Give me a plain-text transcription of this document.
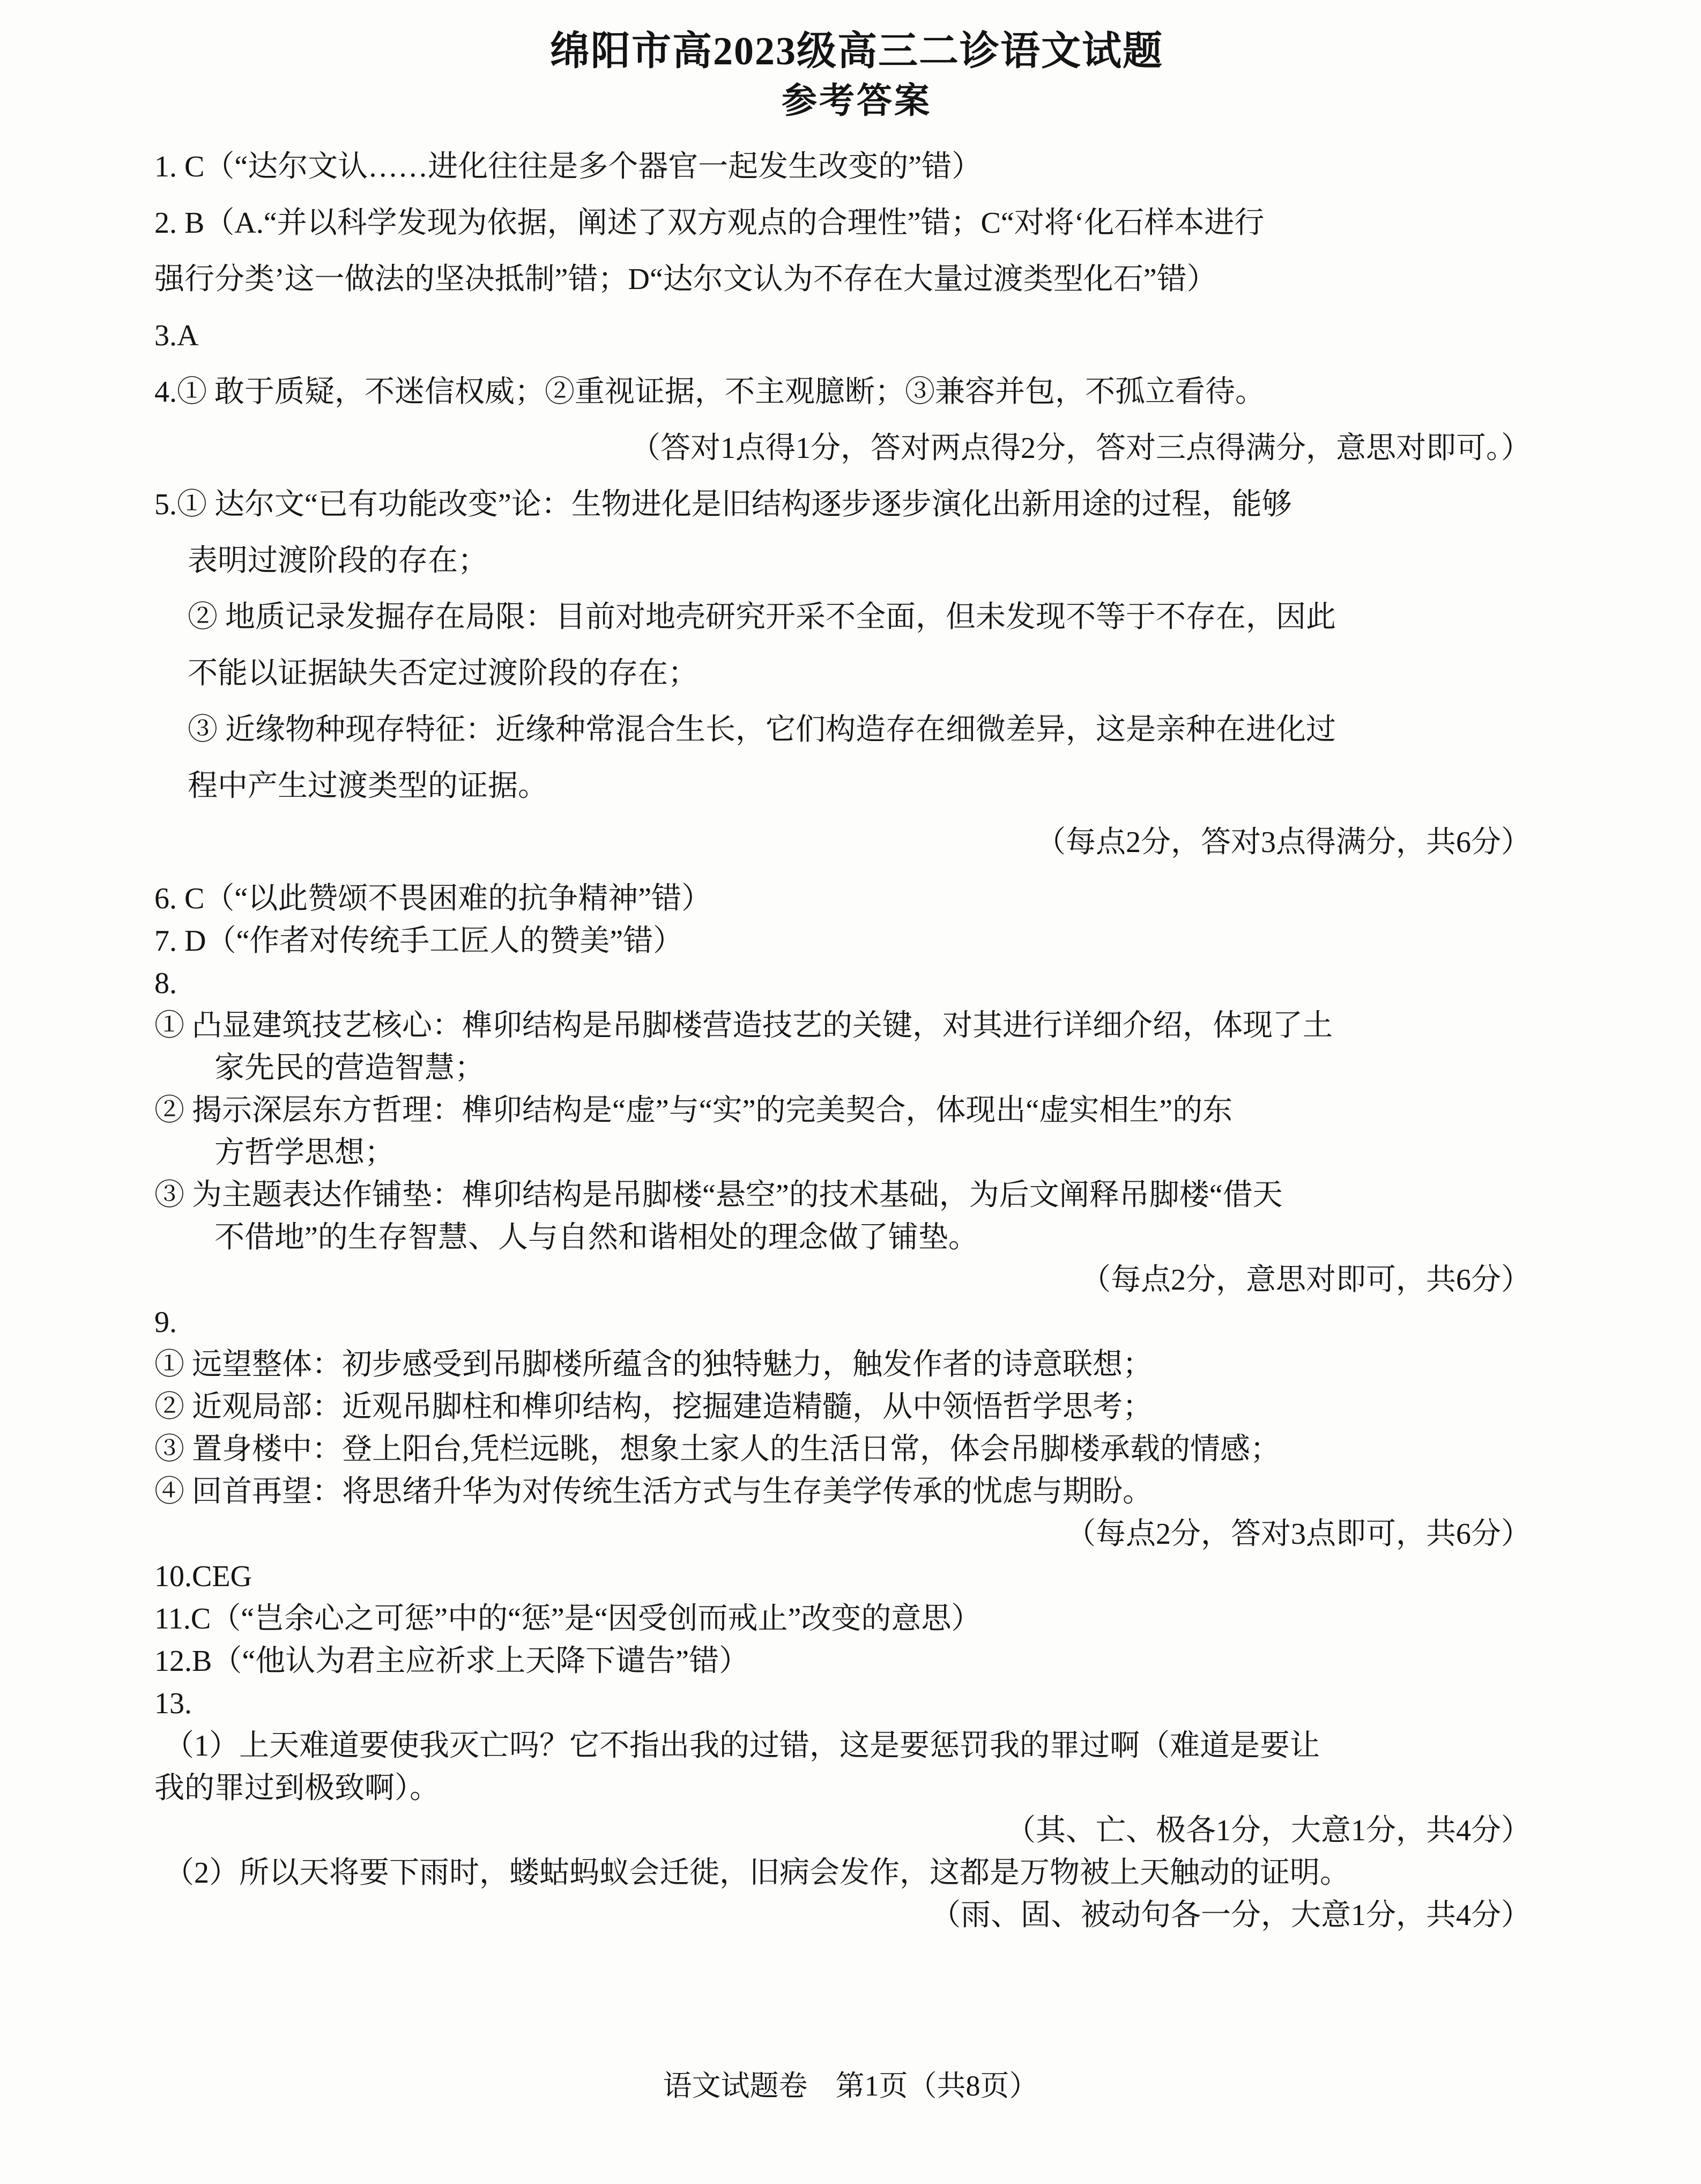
绵阳市高2023级高三二诊语文试题
参考答案
1. C（“达尔文认……进化往往是多个器官一起发生改变的”错）
2. B（A.“并以科学发现为依据，阐述了双方观点的合理性”错；C“对将‘化石样本进行
强行分类’这一做法的坚决抵制”错；D“达尔文认为不存在大量过渡类型化石”错）
3.A
4.① 敢于质疑，不迷信权威；②重视证据，不主观臆断；③兼容并包，不孤立看待。
（答对1点得1分，答对两点得2分，答对三点得满分，意思对即可。）
5.① 达尔文“已有功能改变”论：生物进化是旧结构逐步逐步演化出新用途的过程，能够
表明过渡阶段的存在；
② 地质记录发掘存在局限：目前对地壳研究开采不全面，但未发现不等于不存在，因此
不能以证据缺失否定过渡阶段的存在；
③ 近缘物种现存特征：近缘种常混合生长，它们构造存在细微差异，这是亲种在进化过
程中产生过渡类型的证据。
（每点2分，答对3点得满分，共6分）
6. C（“以此赞颂不畏困难的抗争精神”错）
7. D（“作者对传统手工匠人的赞美”错）
8.
① 凸显建筑技艺核心：榫卯结构是吊脚楼营造技艺的关键，对其进行详细介绍，体现了土
家先民的营造智慧；
② 揭示深层东方哲理：榫卯结构是“虚”与“实”的完美契合，体现出“虚实相生”的东
方哲学思想；
③ 为主题表达作铺垫：榫卯结构是吊脚楼“悬空”的技术基础，为后文阐释吊脚楼“借天
不借地”的生存智慧、人与自然和谐相处的理念做了铺垫。
（每点2分，意思对即可，共6分）
9.
① 远望整体：初步感受到吊脚楼所蕴含的独特魅力，触发作者的诗意联想；
② 近观局部：近观吊脚柱和榫卯结构，挖掘建造精髓，从中领悟哲学思考；
③ 置身楼中：登上阳台,凭栏远眺，想象土家人的生活日常，体会吊脚楼承载的情感；
④ 回首再望：将思绪升华为对传统生活方式与生存美学传承的忧虑与期盼。
（每点2分，答对3点即可，共6分）
10.CEG
11.C（“岂余心之可惩”中的“惩”是“因受创而戒止”改变的意思）
12.B（“他认为君主应祈求上天降下谴告”错）
13.
（1）上天难道要使我灭亡吗？它不指出我的过错，这是要惩罚我的罪过啊（难道是要让
我的罪过到极致啊）。
（其、亡、极各1分，大意1分，共4分）
（2）所以天将要下雨时，蝼蛄蚂蚁会迁徙，旧病会发作，这都是万物被上天触动的证明。
（雨、固、被动句各一分，大意1分，共4分）
语文试题卷 第1页（共8页）
